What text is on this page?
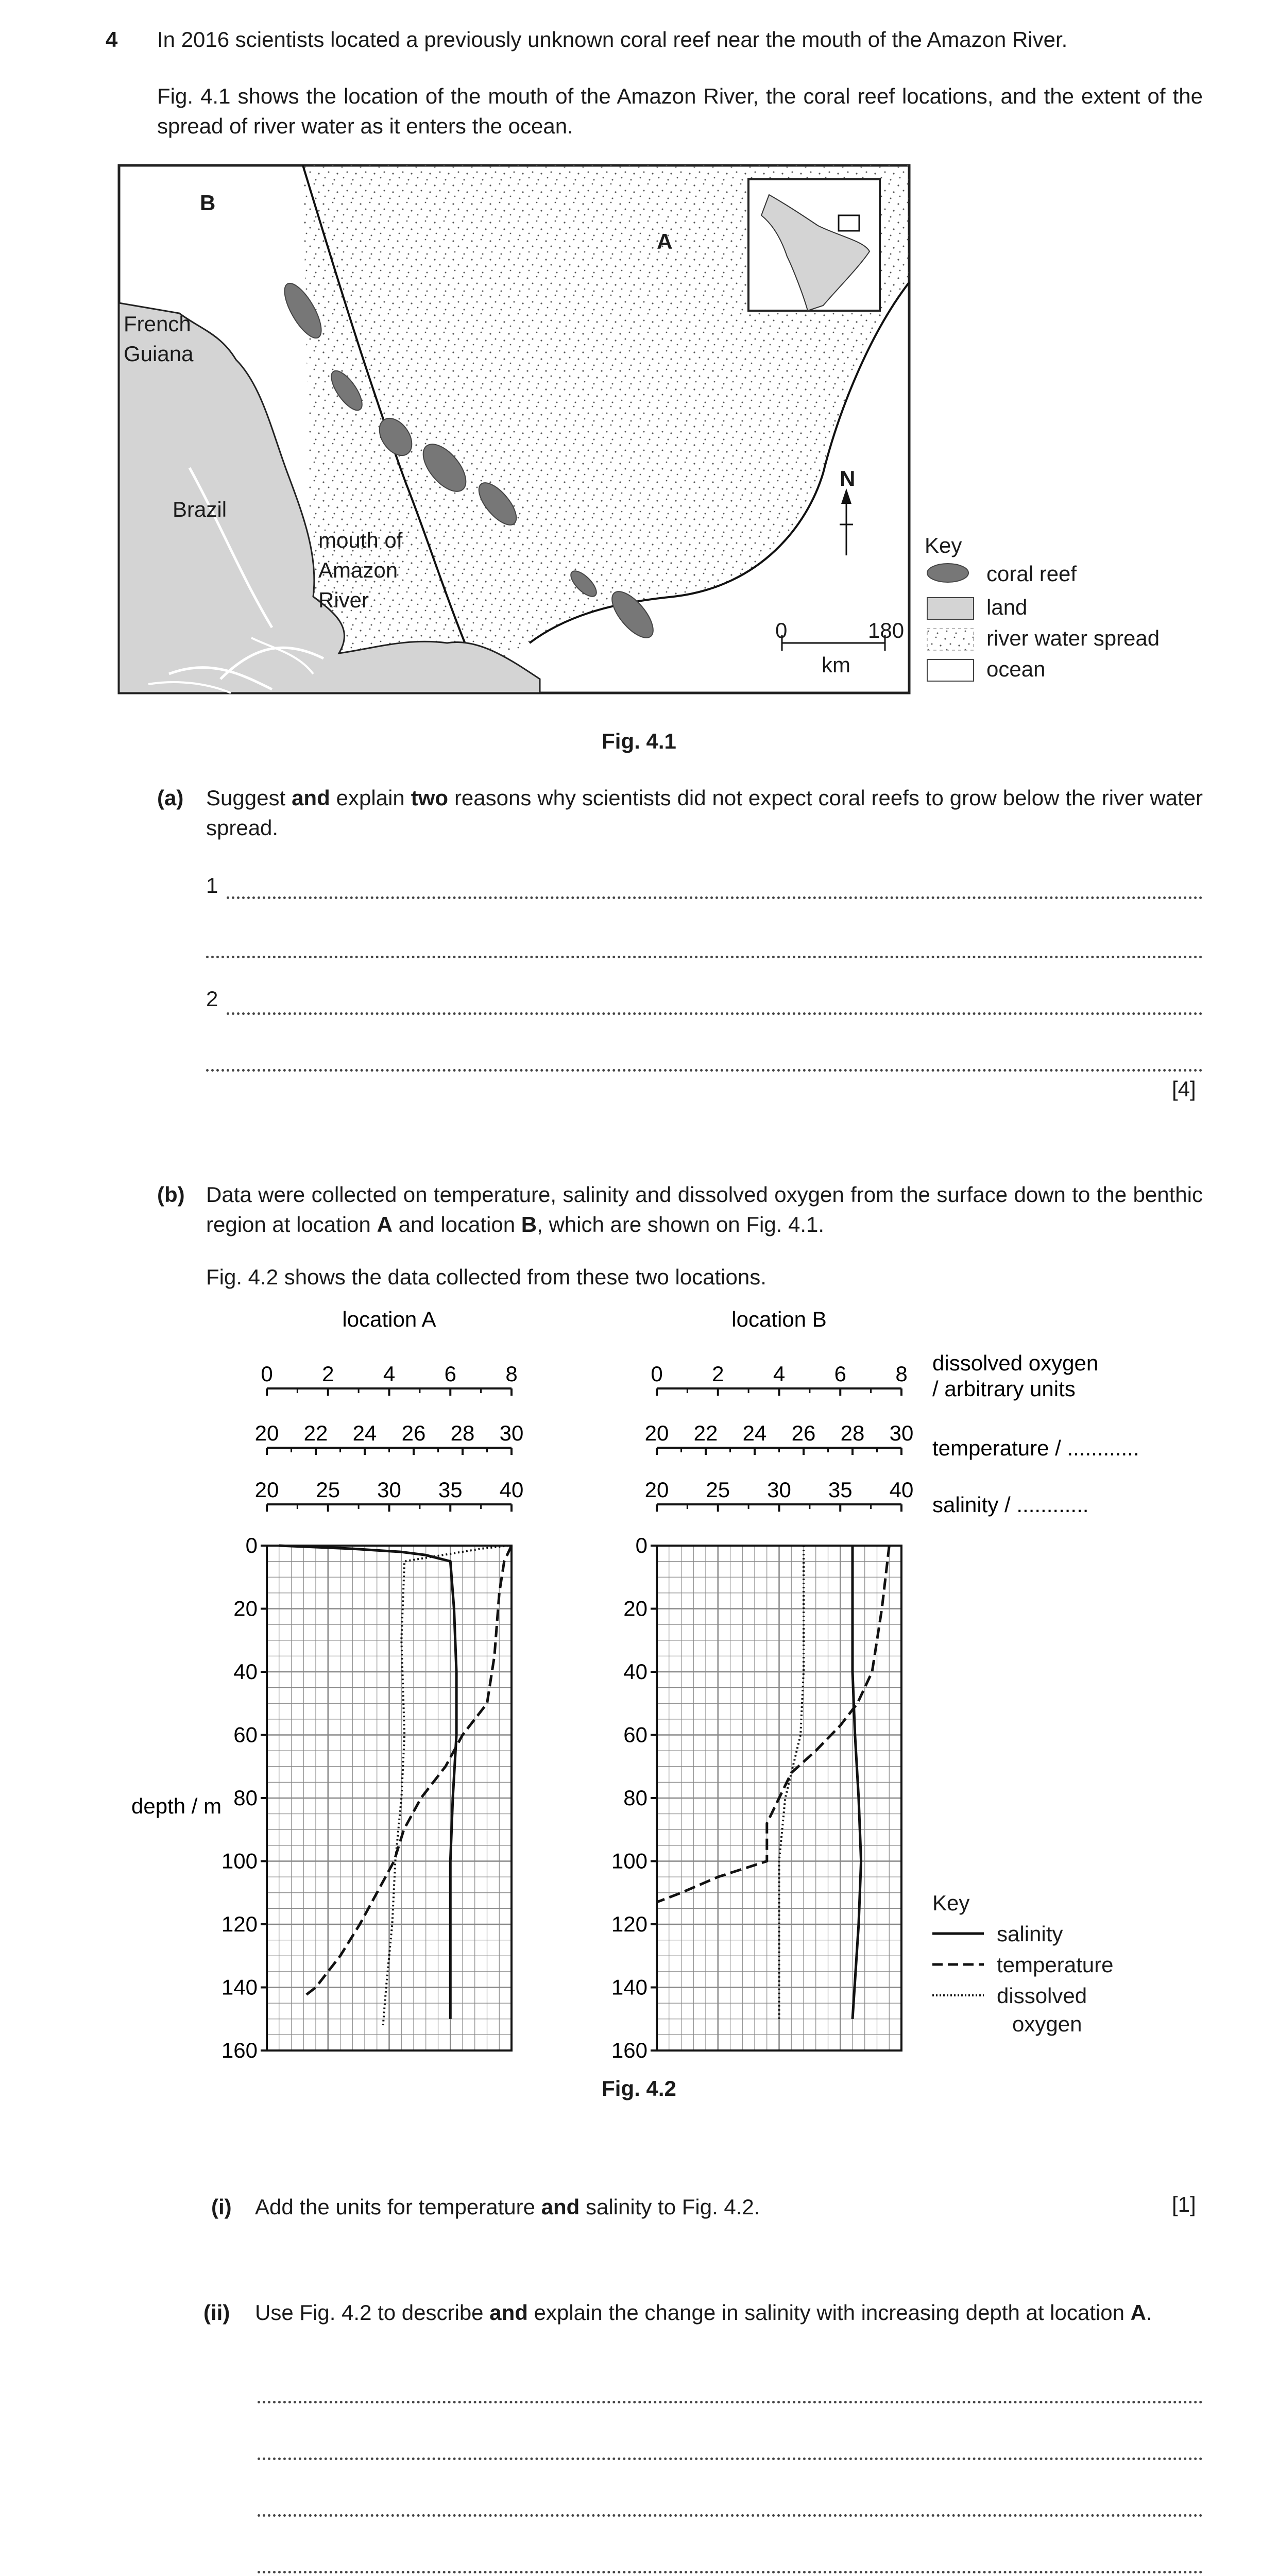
4 In 2016 scientists located a previously unknown coral reef near the mouth of the Amazon River.
Fig. 4.1 shows the location of the mouth of the Amazon River, the coral reef locations, and the extent of the spread of river water as it enters the ocean.
B
A
French
Guiana
Brazil
mouth of
Amazon
River
N
0	180
km
Key
coral reef
land
river water spread
ocean
Fig. 4.1
(a) Suggest and explain two reasons why scientists did not expect coral reefs to grow below the river water spread.
1
2
[4]
(b) Data were collected on temperature, salinity and dissolved oxygen from the surface down to the benthic region at location A and location B, which are shown on Fig. 4.1.
Fig. 4.2 shows the data collected from these two locations.
location A
0 2 4 6 8
20 22 24 26 28 30
20 25 30 35 40
0
20
40
60
80
100
120
140
160
location B
0 2 4 6 8
20 22 24 26 28 30
20 25 30 35 40
0
20
40
60
80
100
120
140
160
dissolved oxygen
/ arbitrary units
temperature / ............
salinity / ............
depth / m
Key
salinity
temperature
dissolved
oxygen
Fig. 4.2
(i) Add the units for temperature and salinity to Fig. 4.2.	[1]
(ii) Use Fig. 4.2 to describe and explain the change in salinity with increasing depth at location A.
